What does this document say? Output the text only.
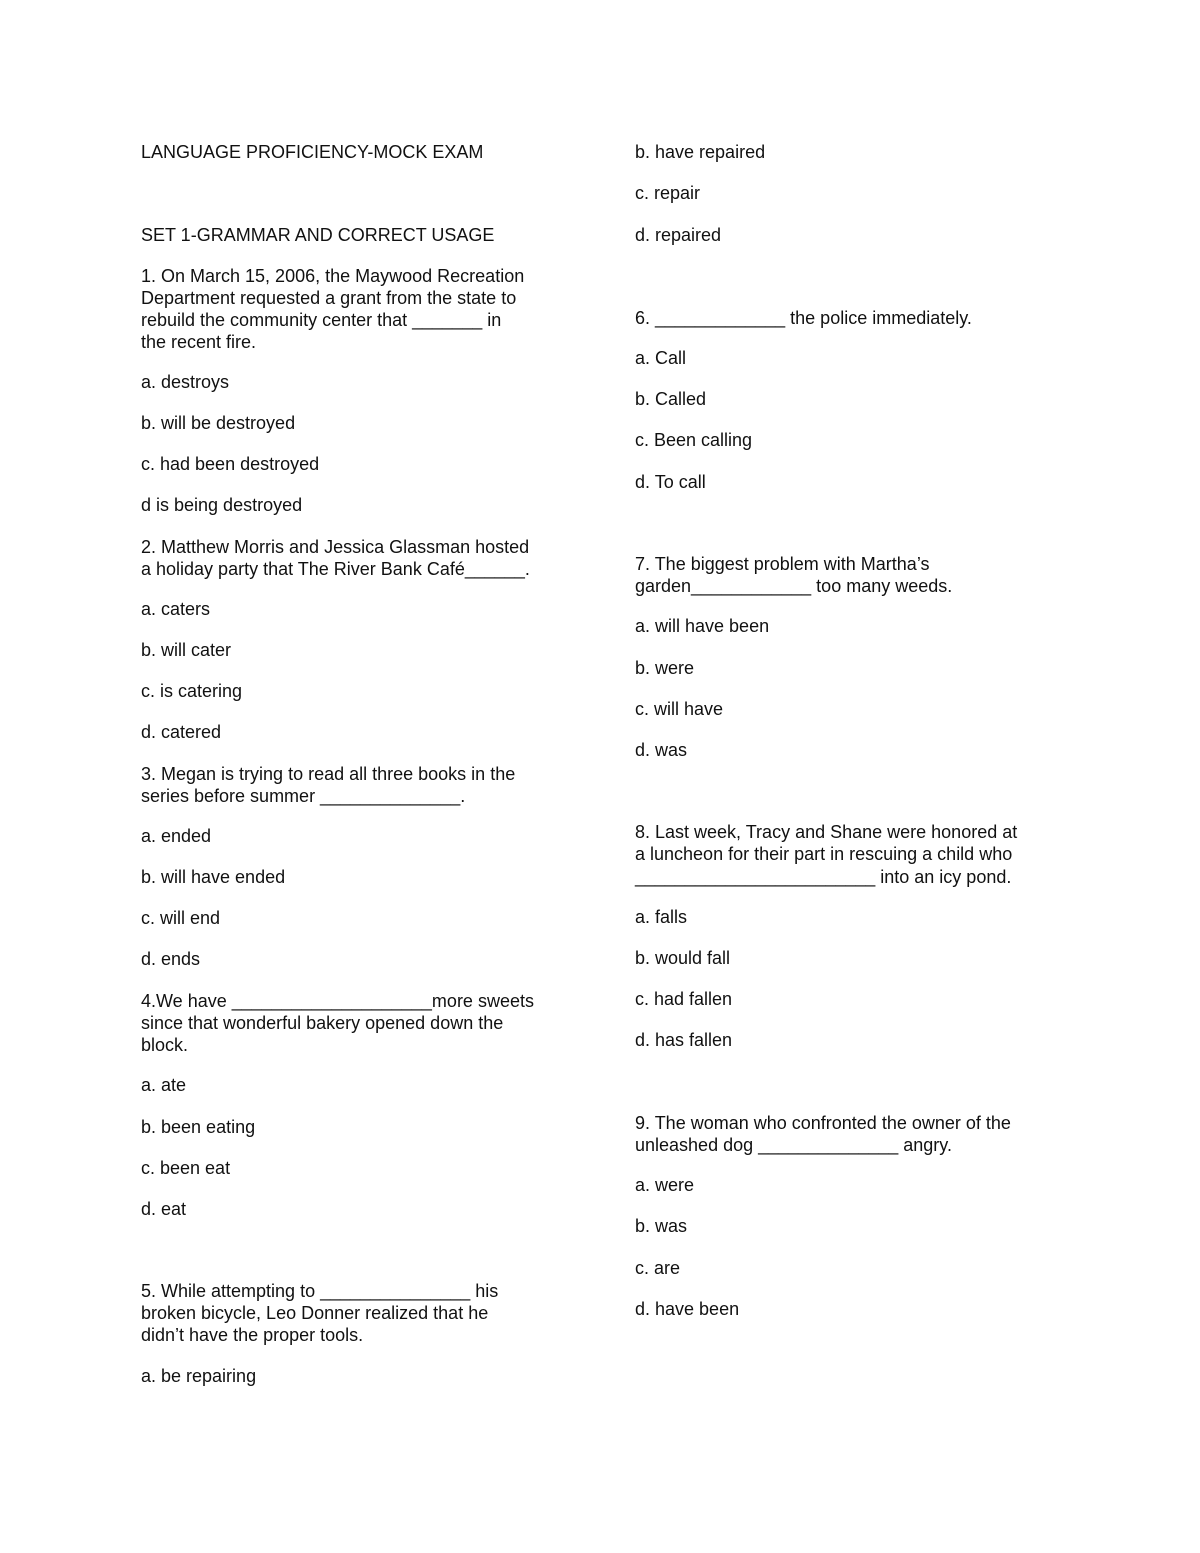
LANGUAGE PROFICIENCY-MOCK EXAM
SET 1-GRAMMAR AND CORRECT USAGE
1. On March 15, 2006, the Maywood Recreation
Department requested a grant from the state to
rebuild the community center that _______ in
the recent fire.
a. destroys
b. will be destroyed
c. had been destroyed
d is being destroyed
2. Matthew Morris and Jessica Glassman hosted
a holiday party that The River Bank Café______.
a. caters
b. will cater
c. is catering
d. catered
3. Megan is trying to read all three books in the
series before summer ______________.
a. ended
b. will have ended
c. will end
d. ends
4.We have ____________________more sweets
since that wonderful bakery opened down the
block.
a. ate
b. been eating
c. been eat
d. eat
5. While attempting to _______________ his
broken bicycle, Leo Donner realized that he
didn’t have the proper tools.
a. be repairing
b. have repaired
c. repair
d. repaired
6. _____________ the police immediately.
a. Call
b. Called
c. Been calling
d. To call
7. The biggest problem with Martha’s
garden____________ too many weeds.
a. will have been
b. were
c. will have
d. was
8. Last week, Tracy and Shane were honored at
a luncheon for their part in rescuing a child who
________________________ into an icy pond.
a. falls
b. would fall
c. had fallen
d. has fallen
9. The woman who confronted the owner of the
unleashed dog ______________ angry.
a. were
b. was
c. are
d. have been
